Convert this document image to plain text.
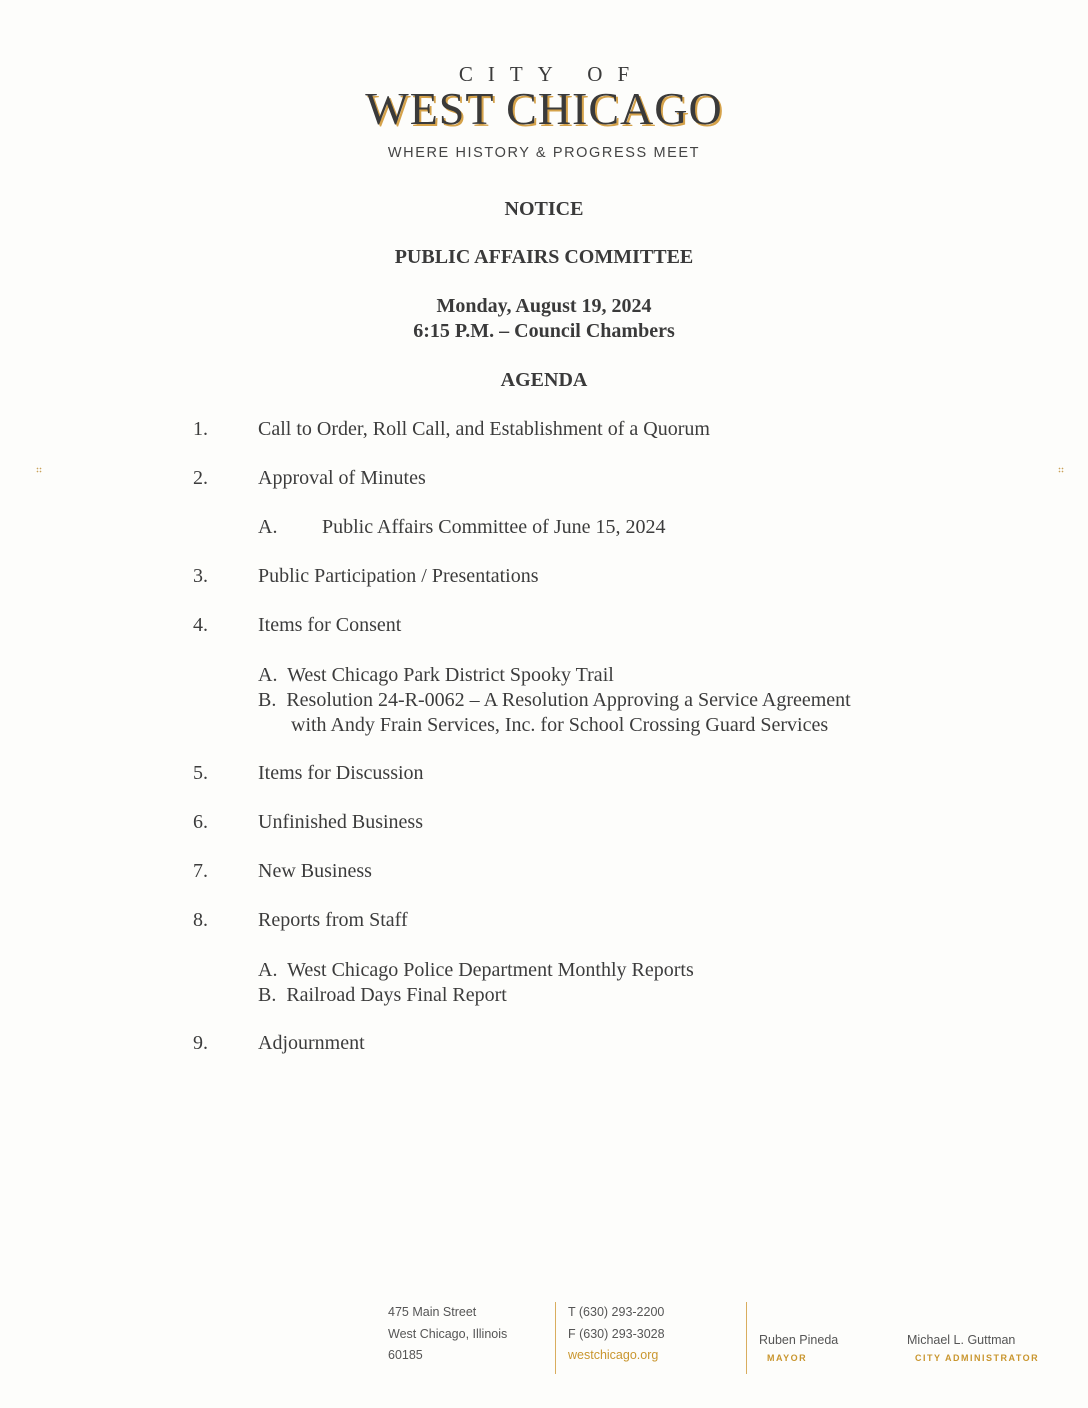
CITY OF
WEST CHICAGO
WHERE HISTORY & PROGRESS MEET
NOTICE
PUBLIC AFFAIRS COMMITTEE
Monday, August 19, 2024
6:15 P.M. – Council Chambers
AGENDA
1.	Call to Order, Roll Call, and Establishment of a Quorum
2.	Approval of Minutes
A. Public Affairs Committee of June 15, 2024
3.	Public Participation / Presentations
4.	Items for Consent
A.  West Chicago Park District Spooky Trail
B.  Resolution 24-R-0062 – A Resolution Approving a Service Agreement
with Andy Frain Services, Inc. for School Crossing Guard Services
5.	Items for Discussion
6.	Unfinished Business
7.	New Business
8.	Reports from Staff
A.  West Chicago Police Department Monthly Reports
B.  Railroad Days Final Report
9.	Adjournment
475 Main Street
West Chicago, Illinois
60185
T (630) 293-2200
F (630) 293-3028
westchicago.org
Ruben Pineda
MAYOR
Michael L. Guttman
CITY ADMINISTRATOR
